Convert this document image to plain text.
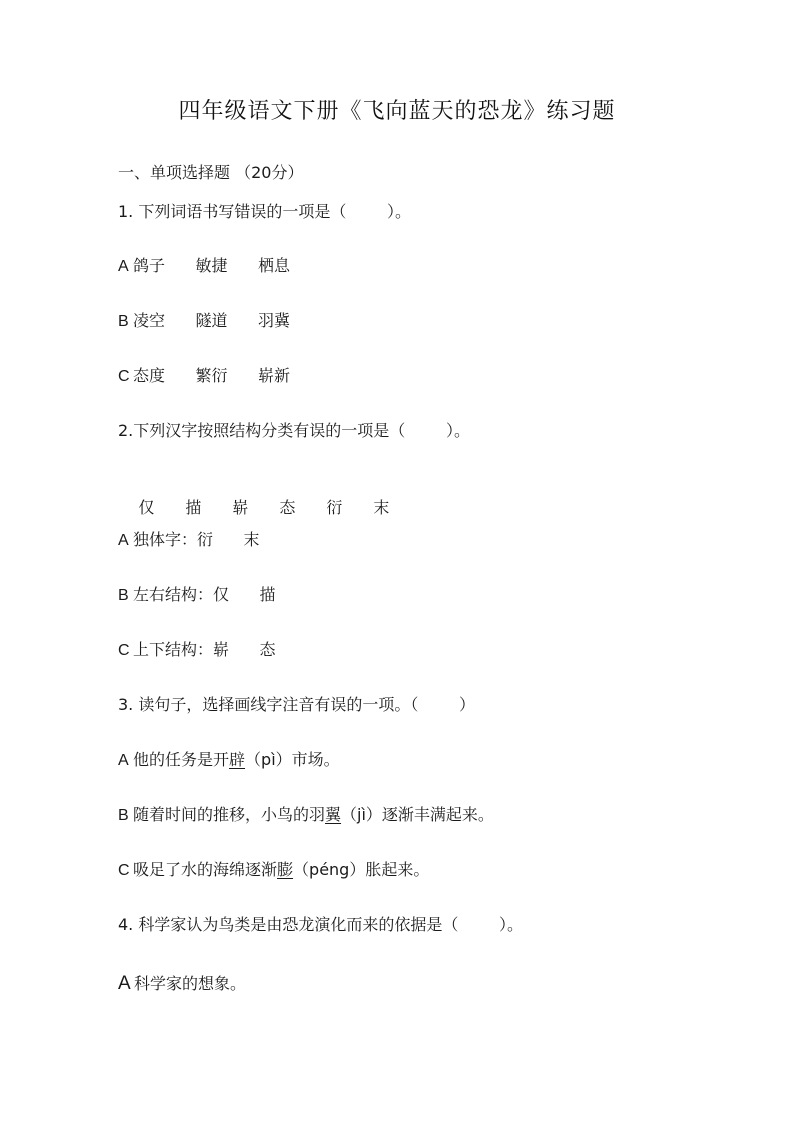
四年级语文下册《飞向蓝天的恐龙》练习题
一、单项选择题 （20分）
1. 下列词语书写错误的一项是（        ）。
A 鸽子      敏捷      栖息
B 凌空      隧道      羽冀
C 态度      繁衍      崭新
2.下列汉字按照结构分类有误的一项是（        ）。

仅 描 崭 态 衍 末

A 独体字：衍      末
B 左右结构：仅      描
C 上下结构：崭      态
3. 读句子，选择画线字注音有误的一项。（        ）
A 他的任务是开辟（pì）市场。
B 随着时间的推移，小鸟的羽翼（jì）逐渐丰满起来。
C 吸足了水的海绵逐渐膨（péng）胀起来。
4. 科学家认为鸟类是由恐龙演化而来的依据是（        ）。
A 科学家的想象。
